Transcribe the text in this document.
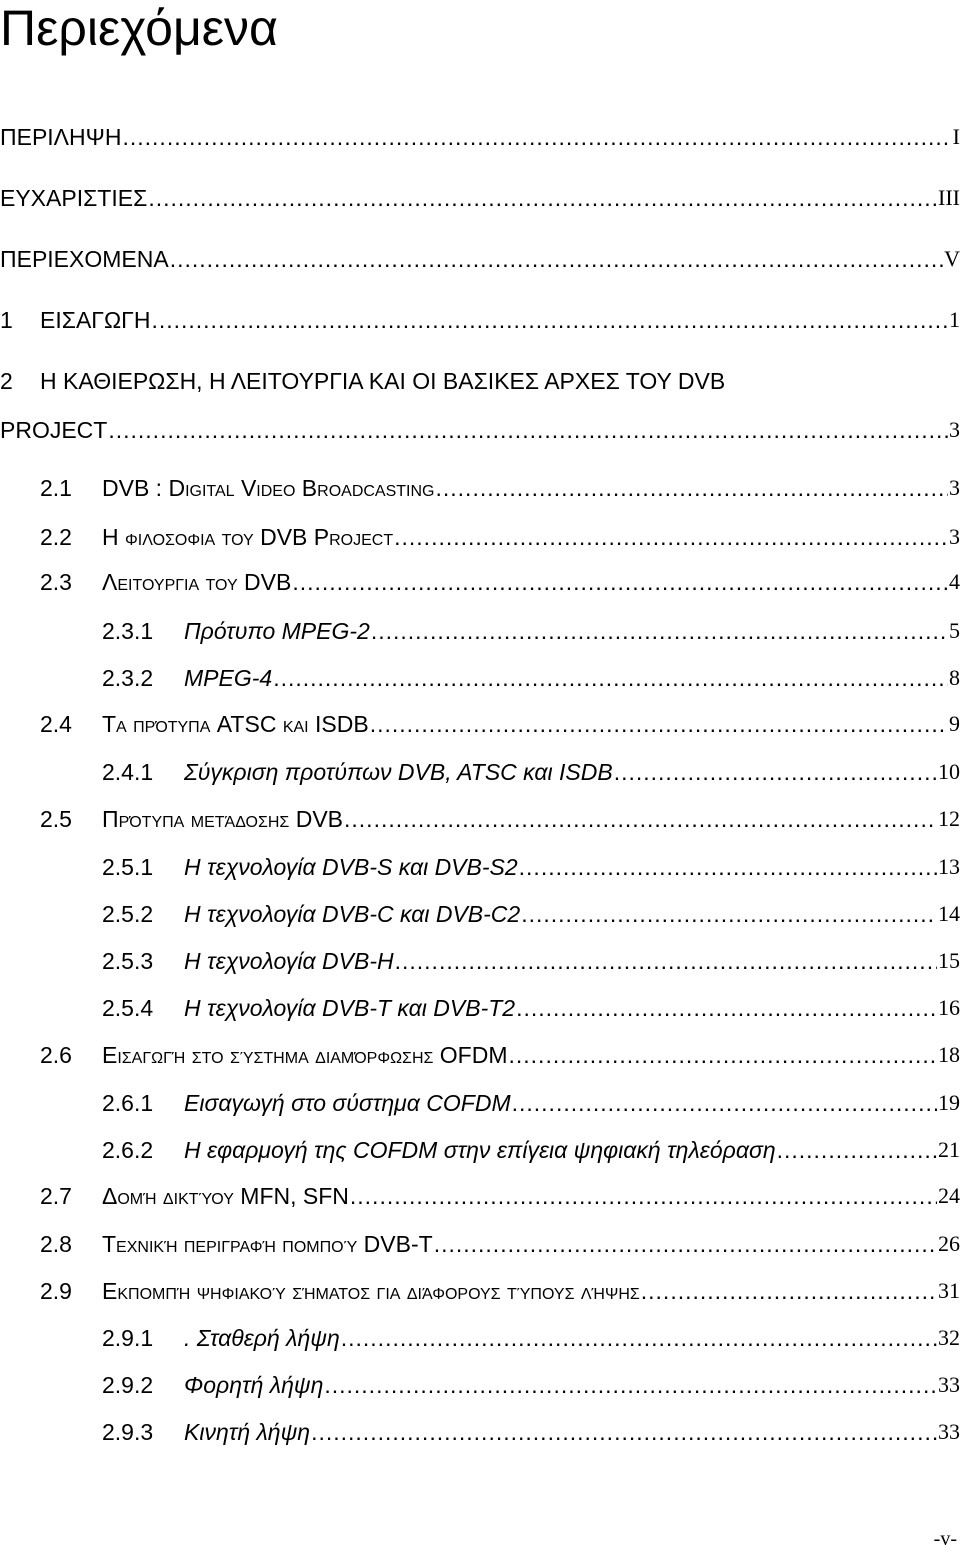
Περιεχόμενα
ΠΕΡΙΛΗΨΗ .....	I
ΕΥΧΑΡΙΣΤΙΕΣ .....	III
ΠΕΡΙΕΧΟΜΕΝΑ .....	V
1	ΕΙΣΑΓΩΓΗ .....	1
2	Η ΚΑΘΙΕΡΩΣΗ, Η ΛΕΙΤΟΥΡΓΙΑ ΚΑΙ ΟΙ ΒΑΣΙΚΕΣ ΑΡΧΕΣ ΤΟΥ DVB
PROJECT .....	3
2.1	DVB : Digital Video Broadcasting .....	3
2.2	Η φιλοσοφια του DVB Project .....	3
2.3	Λειτουργια του DVB .....	4
2.3.1	Πρότυπο MPEG-2 .....	5
2.3.2	MPEG-4 .....	8
2.4	Τα πρότυπα ATSC και ISDB .....	9
2.4.1	Σύγκριση προτύπων DVB, ATSC και ISDB .....	10
2.5	Πρότυπα μετάδοσης DVB .....	12
2.5.1	Η τεχνολογία DVB-S και DVB-S2 .....	13
2.5.2	Η τεχνολογία DVB-C και DVB-C2 .....	14
2.5.3	Η τεχνολογία DVB-H .....	15
2.5.4	Η τεχνολογία DVB-T και DVB-T2 .....	16
2.6	Εισαγωγή στο σύστημα διαμόρφωσης OFDM .....	18
2.6.1	Εισαγωγή στο σύστημα COFDM .....	19
2.6.2	Η εφαρμογή της COFDM στην επίγεια ψηφιακή τηλεόραση .....	21
2.7	Δομή δικτύου MFN, SFN .....	24
2.8	Τεχνική περιγραφή πομπού DVB-T .....	26
2.9	Εκπομπή ψηφιακού σήματος για διάφορους τύπους λήψης .....	31
2.9.1	. Σταθερή λήψη .....	32
2.9.2	Φορητή λήψη .....	33
2.9.3	Κινητή λήψη .....	33
-v-
